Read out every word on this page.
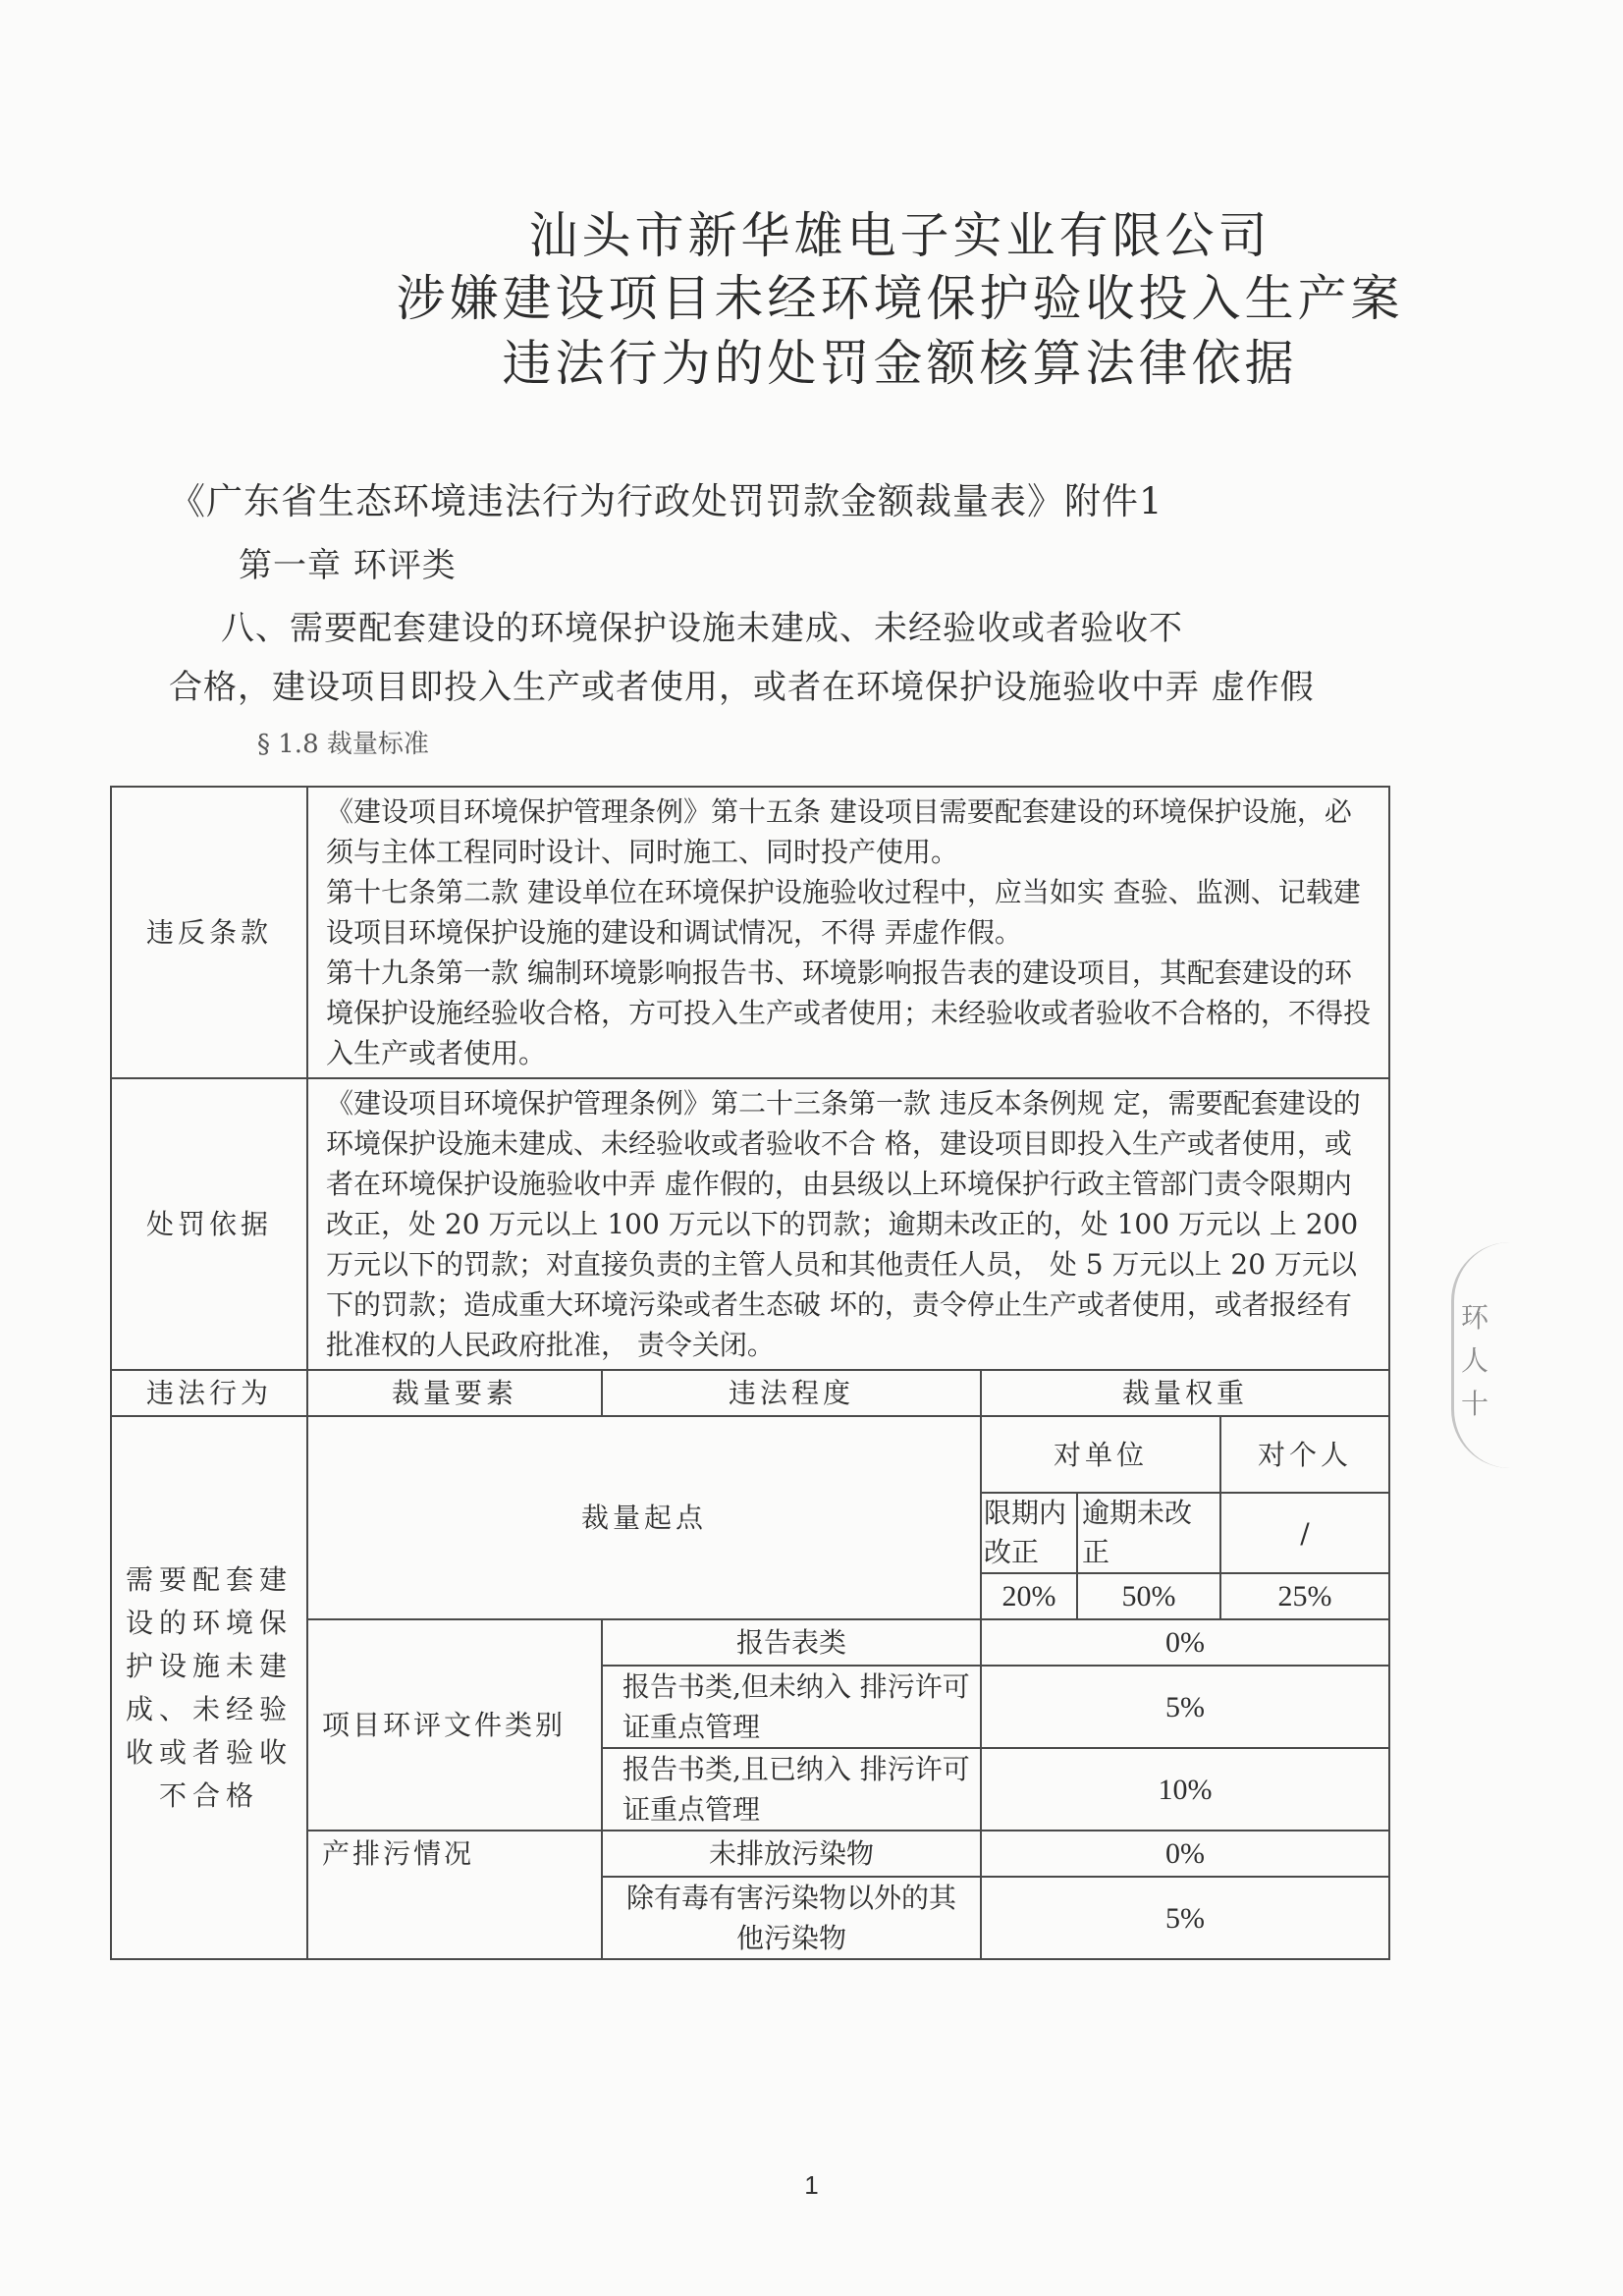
汕头市新华雄电子实业有限公司
涉嫌建设项目未经环境保护验收投入生产案
违法行为的处罚金额核算法律依据
《广东省生态环境违法行为行政处罚罚款金额裁量表》附件1
第一章 环评类
八、需要配套建设的环境保护设施未建成、未经验收或者验收不
合格，建设项目即投入生产或者使用，或者在环境保护设施验收中弄 虚作假
§ 1.8 裁量标准
违反条款	《建设项目环境保护管理条例》第十五条 建设项目需要配套建设的环境保护设施，必须与主体工程同时设计、同时施工、同时投产使用。

第十七条第二款 建设单位在环境保护设施验收过程中，应当如实 查验、监测、记载建设项目环境保护设施的建设和调试情况，不得 弄虚作假。

第十九条第一款 编制环境影响报告书、环境影响报告表的建设项目，其配套建设的环境保护设施经验收合格，方可投入生产或者使用；未经验收或者验收不合格的，不得投入生产或者使用。				

处罚依据	《建设项目环境保护管理条例》第二十三条第一款 违反本条例规 定，需要配套建设的环境保护设施未建成、未经验收或者验收不合 格，建设项目即投入生产或者使用，或者在环境保护设施验收中弄 虚作假的，由县级以上环境保护行政主管部门责令限期内改正，处 20 万元以上 100 万元以下的罚款；逾期未改正的，处 100 万元以 上 200 万元以下的罚款；对直接负责的主管人员和其他责任人员， 处 5 万元以上 20 万元以下的罚款；造成重大环境污染或者生态破 坏的，责令停止生产或者使用，或者报经有批准权的人民政府批准， 责令关闭。				
违法行为	裁量要素	违法程度	裁量权重		
需要配套建设的环境保护设施未建成、未经验收或者验收不合格	裁量起点		对单位		对个人
			限期内改正	逾期未改正	/
			20%	50%	25%
	项目环评文件类别	报告表类	0%		
		报告书类,但未纳入 排污许可证重点管理	5%		
		报告书类,且已纳入 排污许可证重点管理	10%		
	产排污情况	未排放污染物	0%		
		除有毒有害污染物以外的其他污染物	5%		
环人十
1
